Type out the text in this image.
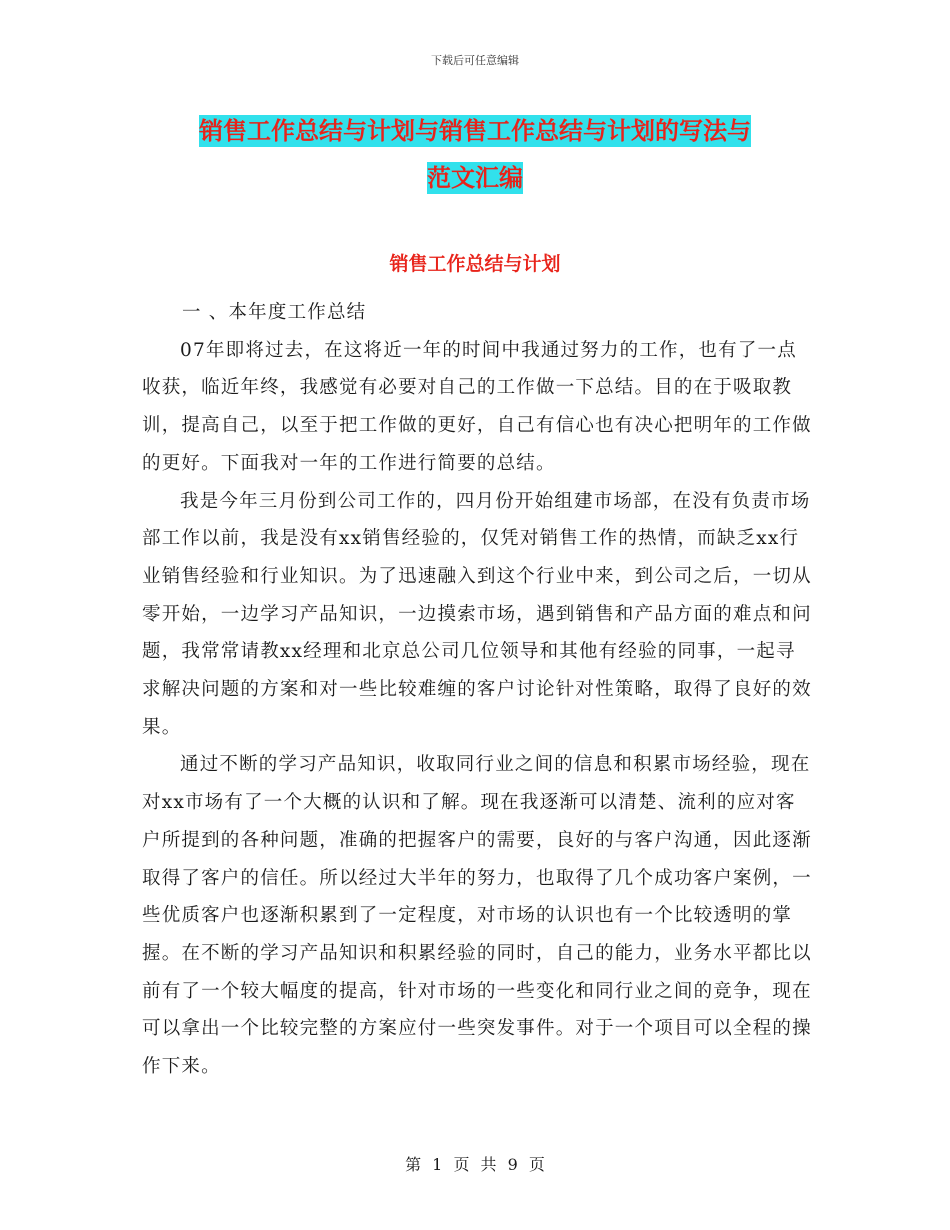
下载后可任意编辑
销售工作总结与计划与销售工作总结与计划的写法与
范文汇编
销售工作总结与计划

一 、本年度工作总结

07年即将过去，在这将近一年的时间中我通过努力的工作，也有了一点收获，临近年终，我感觉有必要对自己的工作做一下总结。目的在于吸取教训，提高自己，以至于把工作做的更好，自己有信心也有决心把明年的工作做的更好。下面我对一年的工作进行简要的总结。

我是今年三月份到公司工作的，四月份开始组建市场部，在没有负责市场部工作以前，我是没有xx销售经验的，仅凭对销售工作的热情，而缺乏xx行业销售经验和行业知识。为了迅速融入到这个行业中来，到公司之后，一切从零开始，一边学习产品知识，一边摸索市场，遇到销售和产品方面的难点和问题，我常常请教xx经理和北京总公司几位领导和其他有经验的同事，一起寻求解决问题的方案和对一些比较难缠的客户讨论针对性策略，取得了良好的效果。

通过不断的学习产品知识，收取同行业之间的信息和积累市场经验，现在对xx市场有了一个大概的认识和了解。现在我逐渐可以清楚、流利的应对客户所提到的各种问题，准确的把握客户的需要，良好的与客户沟通，因此逐渐取得了客户的信任。所以经过大半年的努力，也取得了几个成功客户案例，一些优质客户也逐渐积累到了一定程度，对市场的认识也有一个比较透明的掌握。在不断的学习产品知识和积累经验的同时，自己的能力，业务水平都比以前有了一个较大幅度的提高，针对市场的一些变化和同行业之间的竞争，现在可以拿出一个比较完整的方案应付一些突发事件。对于一个项目可以全程的操作下来。

第 1 页 共 9 页
